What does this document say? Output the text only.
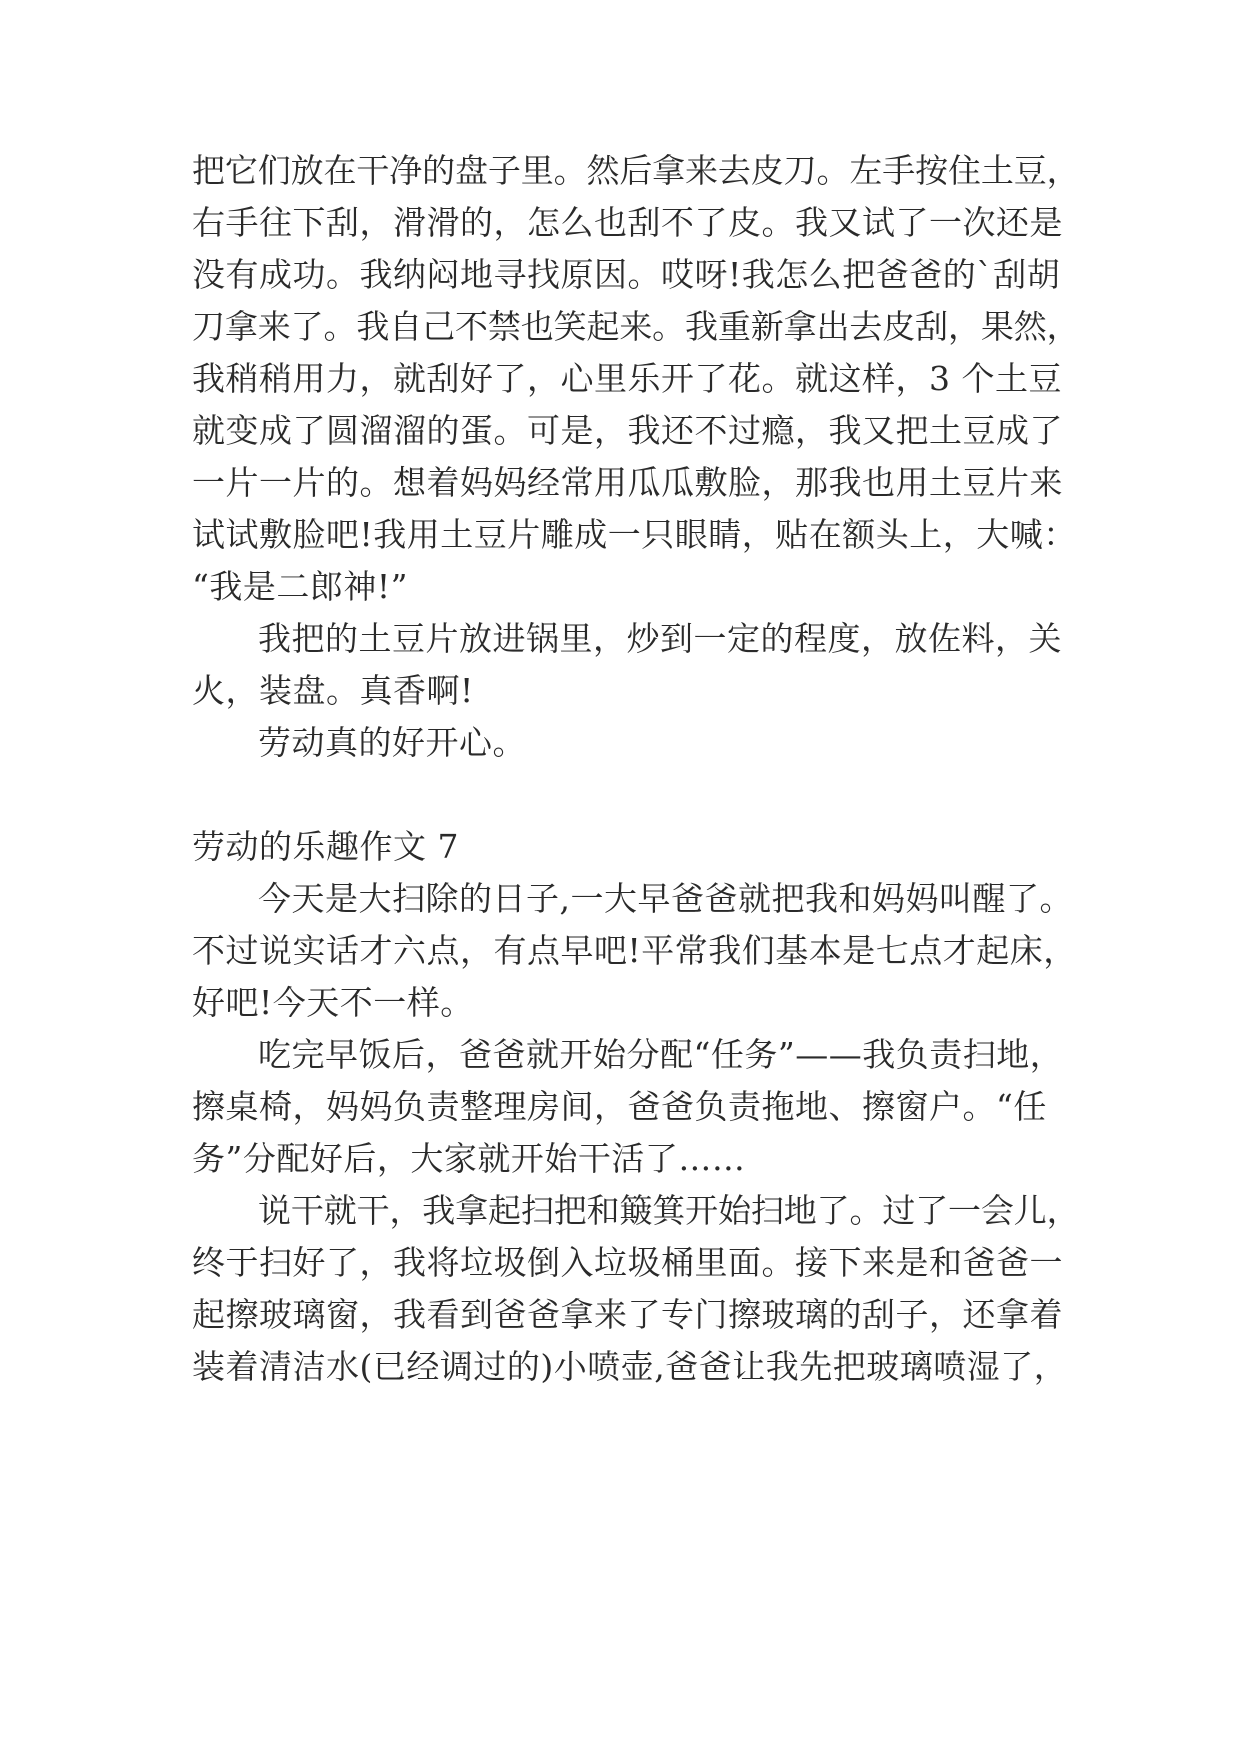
把它们放在干净的盘子里。然后拿来去皮刀。左手按住土豆，
右手往下刮，滑滑的，怎么也刮不了皮。我又试了一次还是
没有成功。我纳闷地寻找原因。哎呀!我怎么把爸爸的`刮胡
刀拿来了。我自己不禁也笑起来。我重新拿出去皮刮，果然，
我稍稍用力，就刮好了，心里乐开了花。就这样，3 个土豆
就变成了圆溜溜的蛋。可是，我还不过瘾，我又把土豆成了
一片一片的。想着妈妈经常用瓜瓜敷脸，那我也用土豆片来
试试敷脸吧!我用土豆片雕成一只眼睛，贴在额头上，大喊：
“我是二郎神!”
我把的土豆片放进锅里，炒到一定的程度，放佐料，关
火，装盘。真香啊!
劳动真的好开心。
劳动的乐趣作文 7
今天是大扫除的日子,一大早爸爸就把我和妈妈叫醒了。
不过说实话才六点，有点早吧!平常我们基本是七点才起床，
好吧!今天不一样。
吃完早饭后，爸爸就开始分配“任务”——我负责扫地，
擦桌椅，妈妈负责整理房间，爸爸负责拖地、擦窗户。“任
务”分配好后，大家就开始干活了……
说干就干，我拿起扫把和簸箕开始扫地了。过了一会儿，
终于扫好了，我将垃圾倒入垃圾桶里面。接下来是和爸爸一
起擦玻璃窗，我看到爸爸拿来了专门擦玻璃的刮子，还拿着
装着清洁水(已经调过的)小喷壶,爸爸让我先把玻璃喷湿了，
